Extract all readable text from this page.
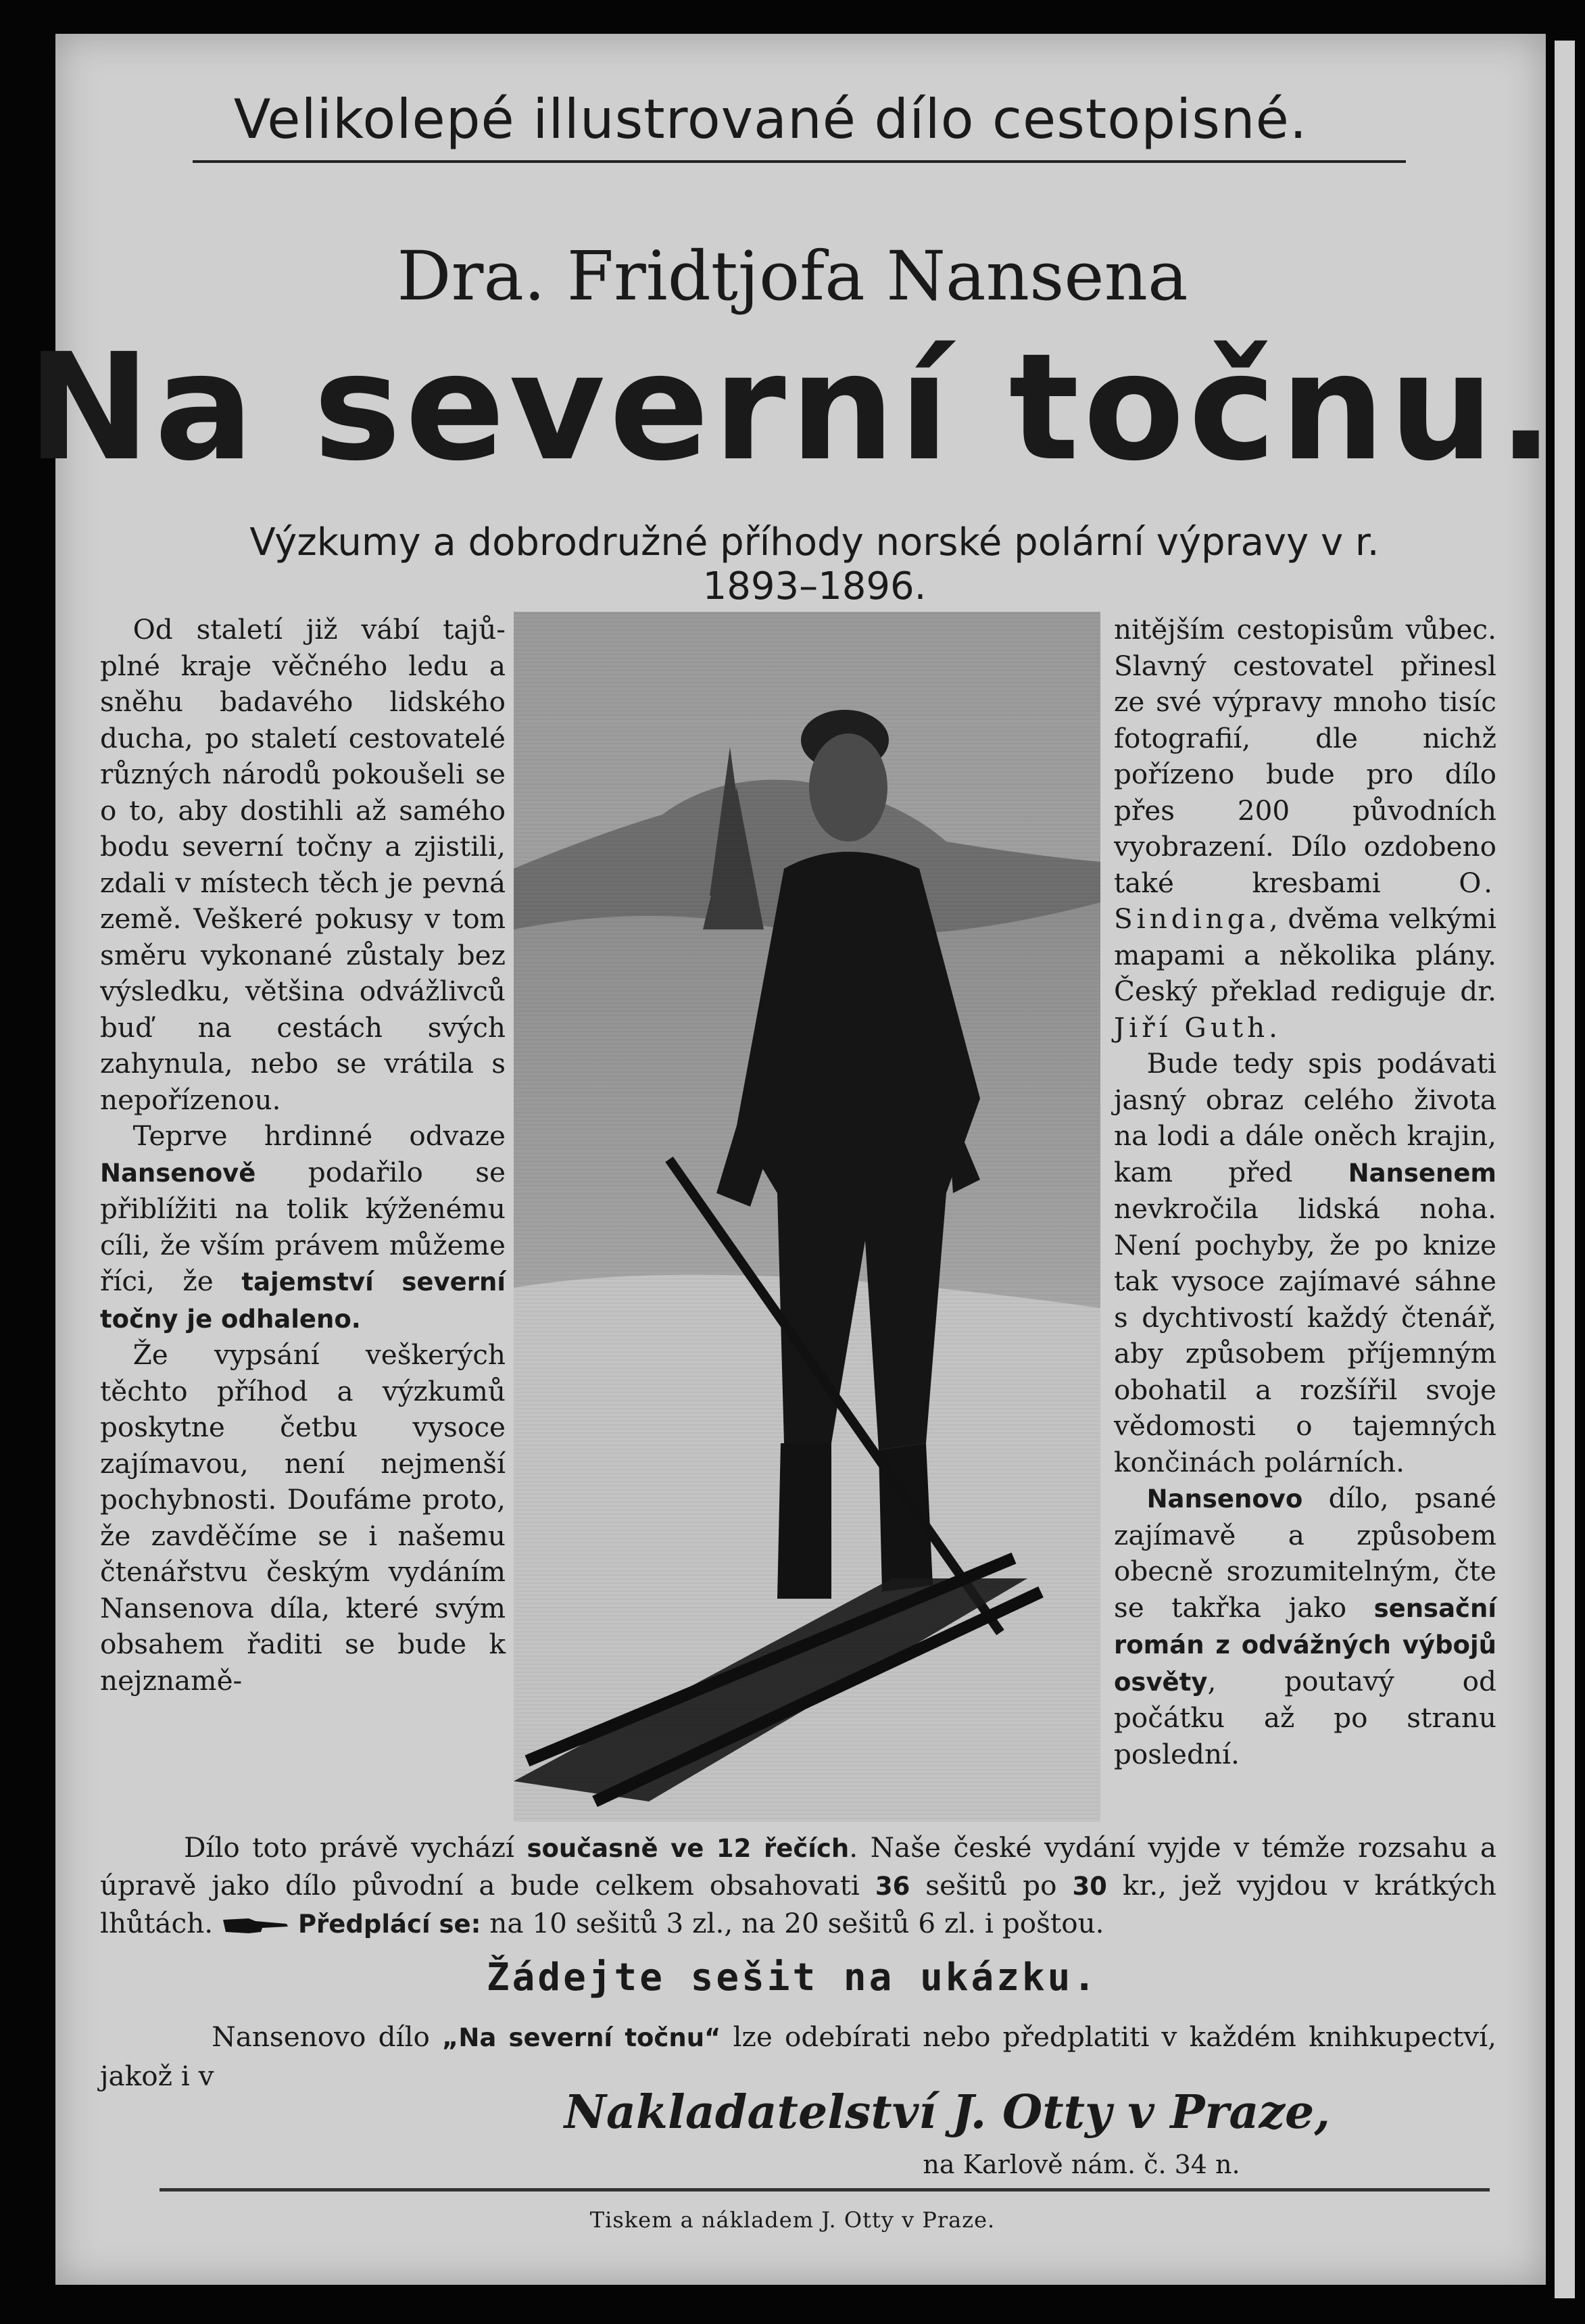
Velikolepé illustrované dílo cestopisné.
Dra. Fridtjofa Nansena
Na severní točnu.
Výzkumy a dobrodružné příhody norské polární výpravy v r. 1893–1896.

Od staletí již vábí tajů-plné kraje věčného ledu a sněhu badavého lidského ducha, po staletí cestovatelé různých národů pokoušeli se o to, aby dostihli až samého bodu severní točny a zjistili, zdali v místech těch je pevná země. Veškeré pokusy v tom směru vykonané zůstaly bez výsledku, většina odvážlivců buď na cestách svých zahynula, nebo se vrátila s nepořízenou.

Teprve hrdinné odvaze Nansenově podařilo se přiblížiti na tolik kýženému cíli, že vším právem můžeme říci, že tajemství severní točny je odhaleno.

Že vypsání veškerých těchto příhod a výzkumů poskytne četbu vysoce zajímavou, není nejmenší pochybnosti. Doufáme proto, že zavděčíme se i našemu čtenářstvu českým vydáním Nansenova díla, které svým obsahem řaditi se bude k nejznamě-

nitějším cestopisům vůbec. Slavný cestovatel přinesl ze své výpravy mnoho tisíc fotografií, dle nichž pořízeno bude pro dílo přes 200 původních vyobrazení. Dílo ozdobeno také kresbami O. Sindinga, dvěma velkými mapami a několika plány. Český překlad rediguje dr. Jiří Guth.

Bude tedy spis podávati jasný obraz celého života na lodi a dále oněch krajin, kam před Nansenem nevkročila lidská noha. Není pochyby, že po knize tak vysoce zajímavé sáhne s dychtivostí každý čtenář, aby způsobem příjemným obohatil a rozšířil svoje vědomosti o tajemných končinách polárních.

Nansenovo dílo, psané zajímavě a způsobem obecně srozumitelným, čte se takřka jako sensační román z odvážných výbojů osvěty, poutavý od počátku až po stranu poslední.

Dílo toto právě vychází současně ve 12 řečích. Naše české vydání vyjde v témže rozsahu a úpravě jako dílo původní a bude celkem obsahovati 36 sešitů po 30 kr., jež vyjdou v krátkých lhůtách.	Předplácí se: na 10 sešitů 3 zl., na 20 sešitů 6 zl. i poštou.

Žádejte sešit na ukázku.

Nansenovo dílo „Na severní točnu“ lze odebírati nebo předplatiti v každém knihkupectví, jakož i v

Nakladatelství J. Otty v Praze,
na Karlově nám. č. 34 n.
Tiskem a nákladem J. Otty v Praze.
